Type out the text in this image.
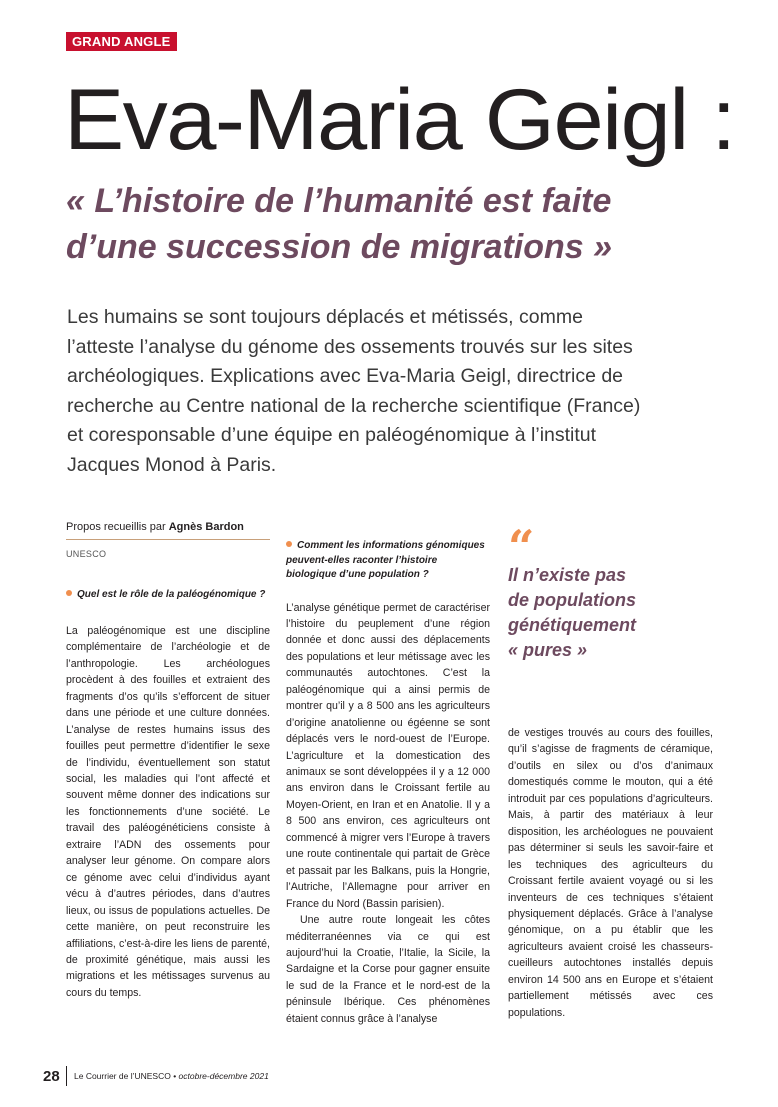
GRAND ANGLE
Eva-Maria Geigl :
« L’histoire de l’humanité est faite
d’une succession de migrations »
Les humains se sont toujours déplacés et métissés, comme
l’atteste l’analyse du génome des ossements trouvés sur les sites
archéologiques. Explications avec Eva-Maria Geigl, directrice de
recherche au Centre national de la recherche scientifique (France)
et coresponsable d’une équipe en paléogénomique à l’institut
Jacques Monod à Paris.
Propos recueillis par Agnès Bardon
UNESCO
Quel est le rôle de la paléogénomique ?

La paléogénomique est une discipline complémentaire de l’archéologie et de l’anthropologie. Les archéologues procèdent à des fouilles et extraient des fragments d’os qu’ils s’efforcent de situer dans une période et une culture données. L’analyse de restes humains issus des fouilles peut permettre d’identifier le sexe de l’individu, éventuellement son statut social, les maladies qui l’ont affecté et souvent même donner des indications sur les fonctionnements d’une société. Le travail des paléogénéticiens consiste à extraire l’ADN des ossements pour analyser leur génome. On compare alors ce génome avec celui d’individus ayant vécu à d’autres périodes, dans d’autres lieux, ou issus de populations actuelles. De cette manière, on peut reconstruire les affiliations, c’est-à-dire les liens de parenté, de proximité génétique, mais aussi les migrations et les métissages survenus au cours du temps.

Comment les informations génomiques peuvent-elles raconter l’histoire biologique d’une population ?

L’analyse génétique permet de caractériser l’histoire du peuplement d’une région donnée et donc aussi des déplacements des populations et leur métissage avec les communautés autochtones. C’est la paléogénomique qui a ainsi permis de montrer qu’il y a 8 500 ans les agriculteurs d’origine anatolienne ou égéenne se sont déplacés vers le nord-ouest de l’Europe. L’agriculture et la domestication des animaux se sont développées il y a 12 000 ans environ dans le Croissant fertile au Moyen-Orient, en Iran et en Anatolie. Il y a 8 500 ans environ, ces agriculteurs ont commencé à migrer vers l’Europe à travers une route continentale qui partait de Grèce et passait par les Balkans, puis la Hongrie, l’Autriche, l’Allemagne pour arriver en France du Nord (Bassin parisien).

Une autre route longeait les côtes méditerranéennes via ce qui est aujourd’hui la Croatie, l’Italie, la Sicile, la Sardaigne et la Corse pour gagner ensuite le sud de la France et le nord-est de la péninsule Ibérique. Ces phénomènes étaient connus grâce à l’analyse

“
Il n’existe pas
de populations
génétiquement
« pures »

de vestiges trouvés au cours des fouilles, qu’il s’agisse de fragments de céramique, d’outils en silex ou d’os d’animaux domestiqués comme le mouton, qui a été introduit par ces populations d’agriculteurs. Mais, à partir des matériaux à leur disposition, les archéologues ne pouvaient pas déterminer si seuls les savoir-faire et les techniques des agriculteurs du Croissant fertile avaient voyagé ou si les inventeurs de ces techniques s’étaient physiquement déplacés. Grâce à l’analyse génomique, on a pu établir que les agriculteurs avaient croisé les chasseurs-cueilleurs autochtones installés depuis environ 14 500 ans en Europe et s’étaient partiellement métissés avec ces populations.

28 Le Courrier de l’UNESCO • octobre-décembre 2021
